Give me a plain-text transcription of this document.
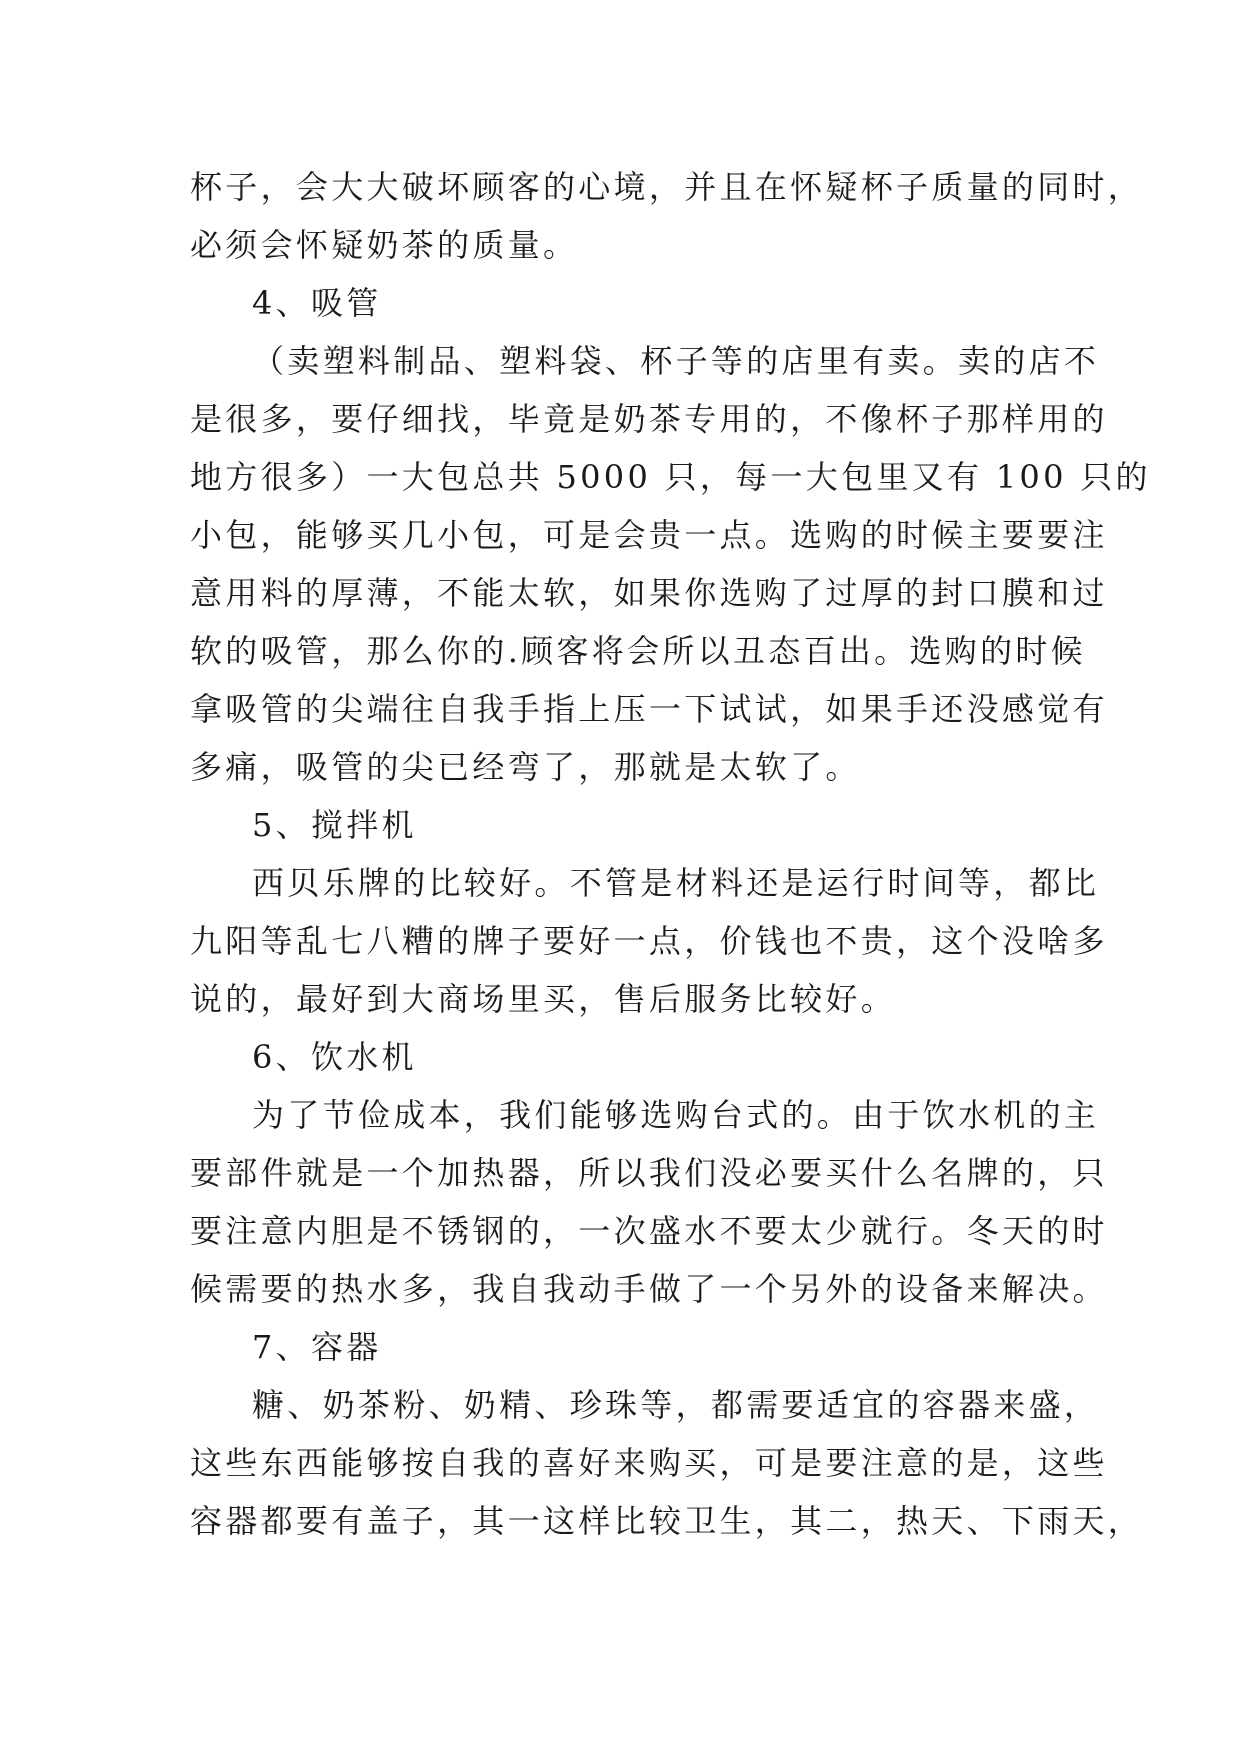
杯子，会大大破坏顾客的心境，并且在怀疑杯子质量的同时，
必须会怀疑奶茶的质量。
4、吸管
（卖塑料制品、塑料袋、杯子等的店里有卖。卖的店不
是很多，要仔细找，毕竟是奶茶专用的，不像杯子那样用的
地方很多）一大包总共 5000 只，每一大包里又有 100 只的
小包，能够买几小包，可是会贵一点。选购的时候主要要注
意用料的厚薄，不能太软，如果你选购了过厚的封口膜和过
软的吸管，那么你的.顾客将会所以丑态百出。选购的时候
拿吸管的尖端往自我手指上压一下试试，如果手还没感觉有
多痛，吸管的尖已经弯了，那就是太软了。
5、搅拌机
西贝乐牌的比较好。不管是材料还是运行时间等，都比
九阳等乱七八糟的牌子要好一点，价钱也不贵，这个没啥多
说的，最好到大商场里买，售后服务比较好。
6、饮水机
为了节俭成本，我们能够选购台式的。由于饮水机的主
要部件就是一个加热器，所以我们没必要买什么名牌的，只
要注意内胆是不锈钢的，一次盛水不要太少就行。冬天的时
候需要的热水多，我自我动手做了一个另外的设备来解决。
7、容器
糖、奶茶粉、奶精、珍珠等，都需要适宜的容器来盛，
这些东西能够按自我的喜好来购买，可是要注意的是，这些
容器都要有盖子，其一这样比较卫生，其二，热天、下雨天，
